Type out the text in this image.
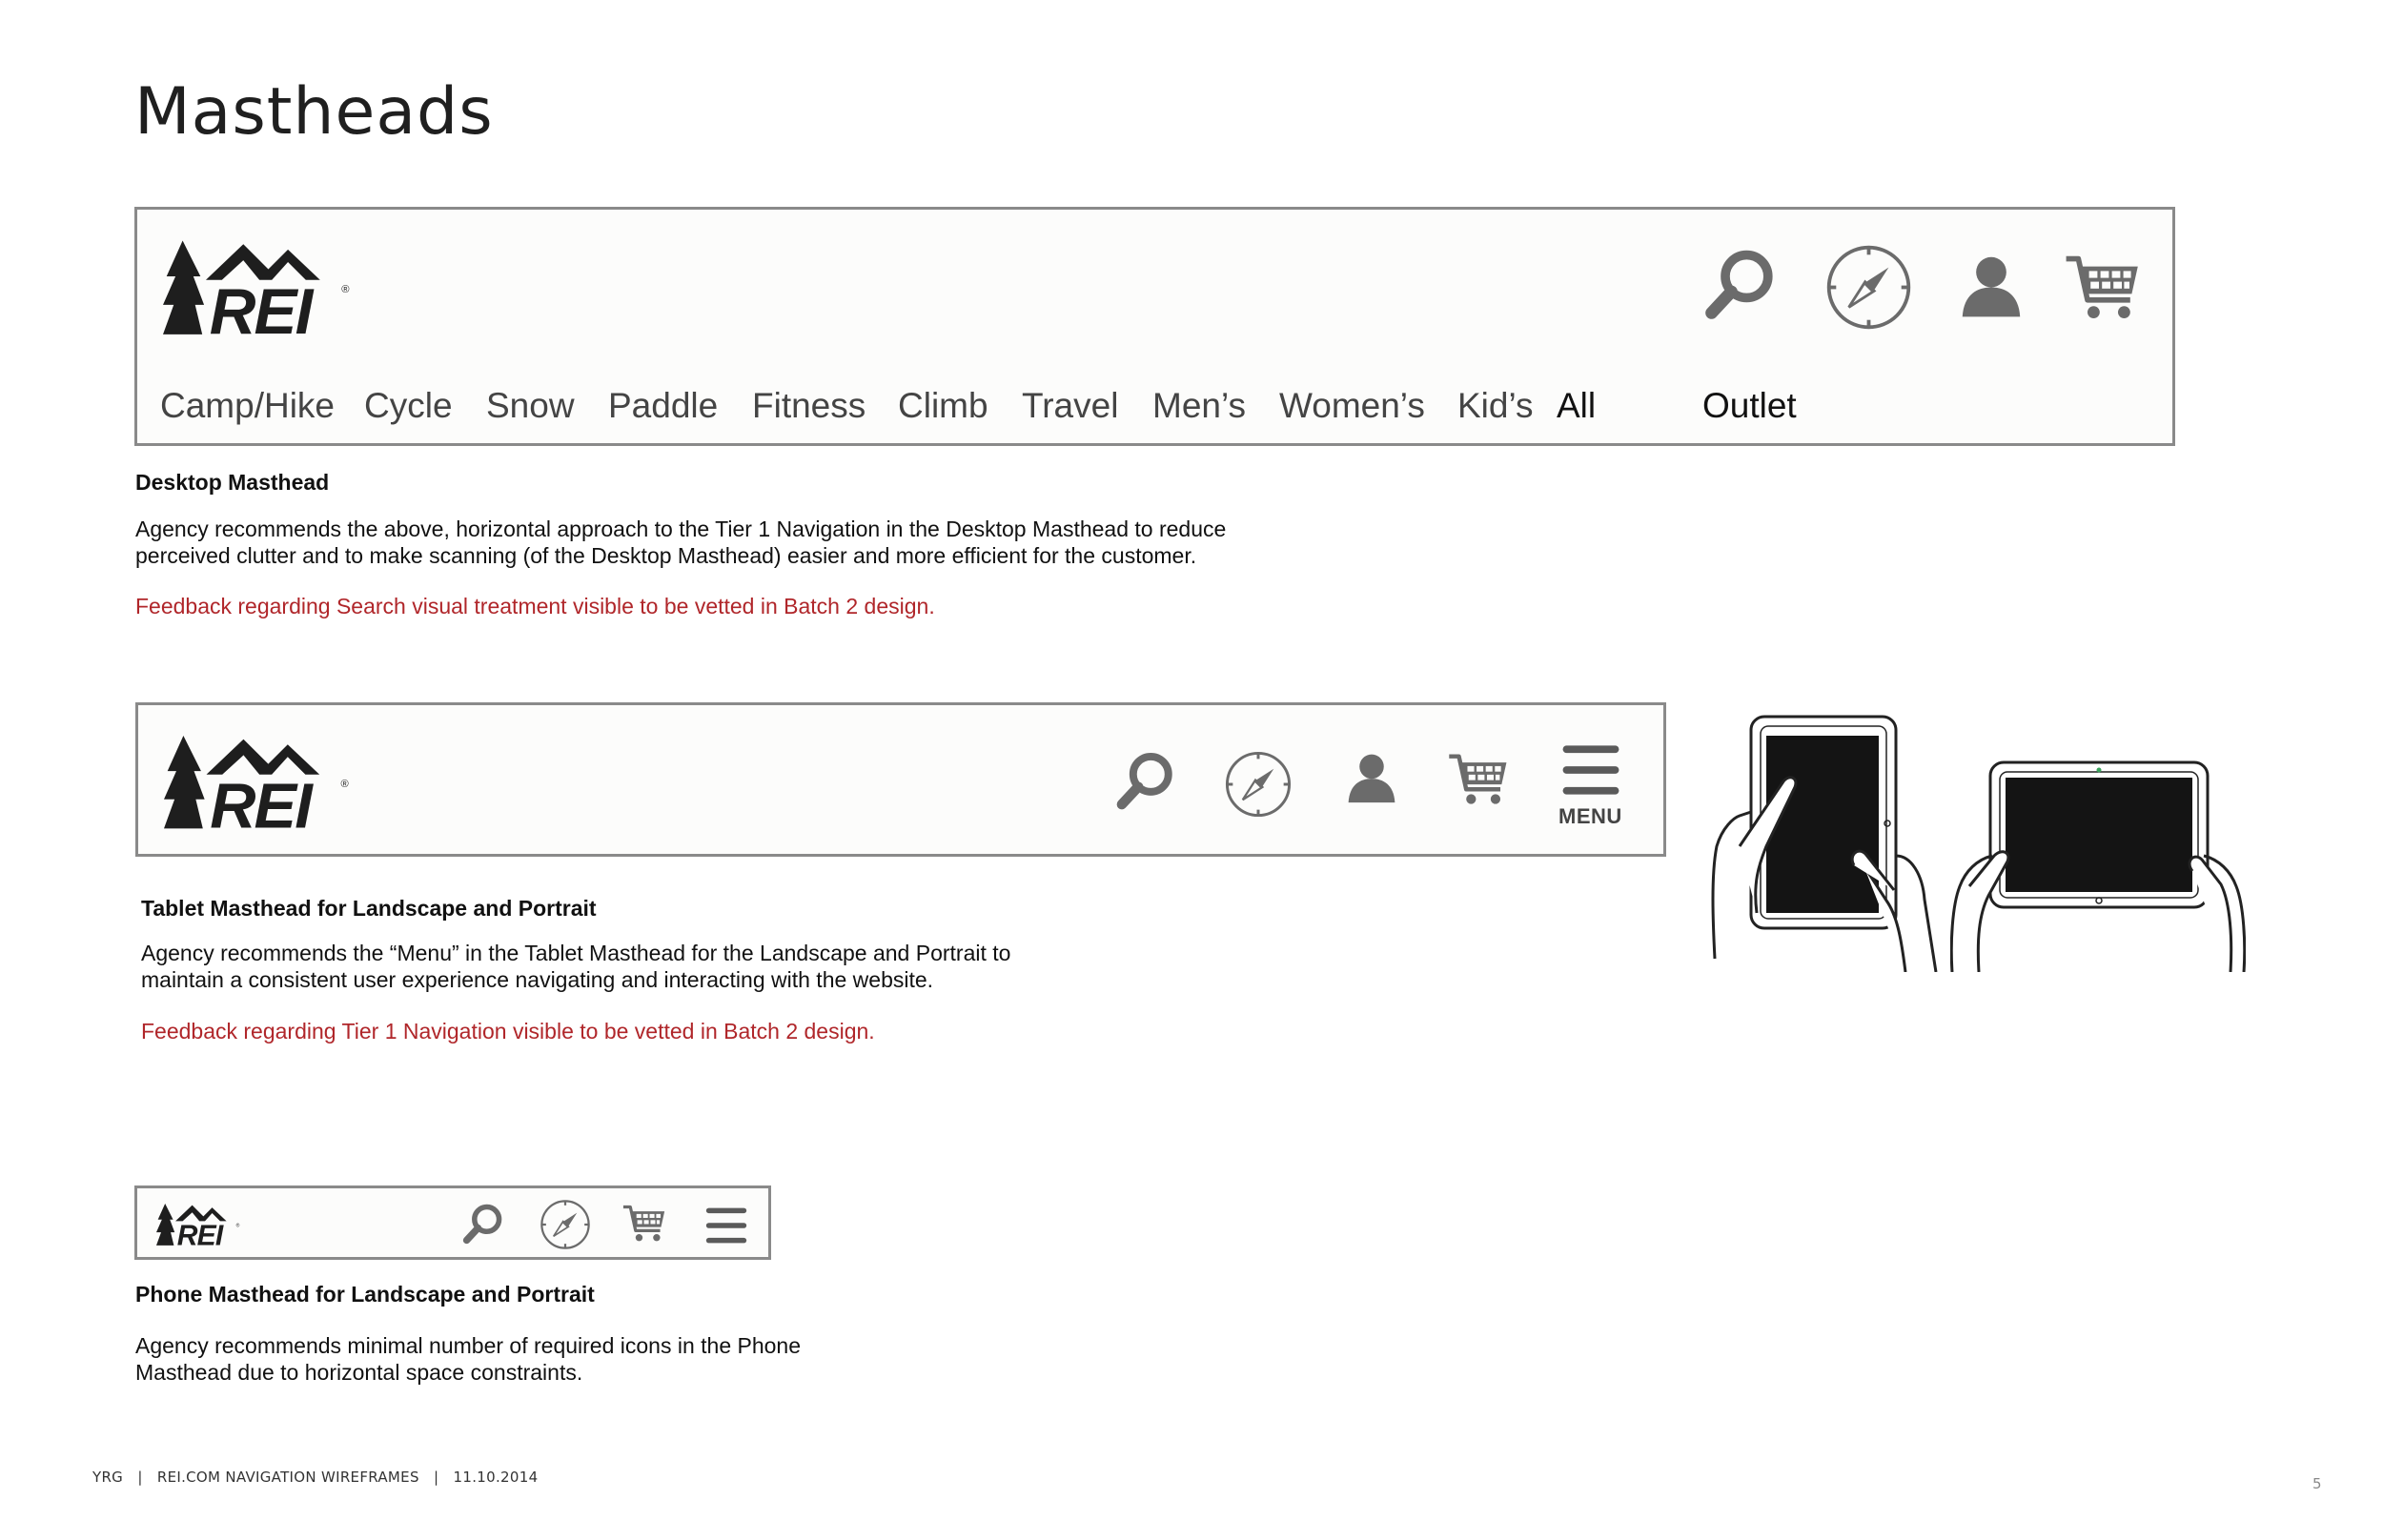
Mastheads
Camp/Hike Cycle Snow Paddle Fitness Climb Travel Men’s Women’s Kid’s All	Outlet
Desktop Masthead
Agency recommends the above, horizontal approach to the Tier 1 Navigation in the Desktop Masthead to reduce
perceived clutter and to make scanning (of the Desktop Masthead) easier and more efficient for the customer.
Feedback regarding Search visual treatment visible to be vetted in Batch 2 design.
MENU
Tablet Masthead for Landscape and Portrait
Agency recommends the “Menu” in the Tablet Masthead for the Landscape and Portrait to
maintain a consistent user experience navigating and interacting with the website.
Feedback regarding Tier 1 Navigation visible to be vetted in Batch 2 design.
Phone Masthead for Landscape and Portrait
Agency recommends minimal number of required icons in the Phone
Masthead due to horizontal space constraints.
YRG   |   REI.COM NAVIGATION WIREFRAMES   |   11.10.2014	5
